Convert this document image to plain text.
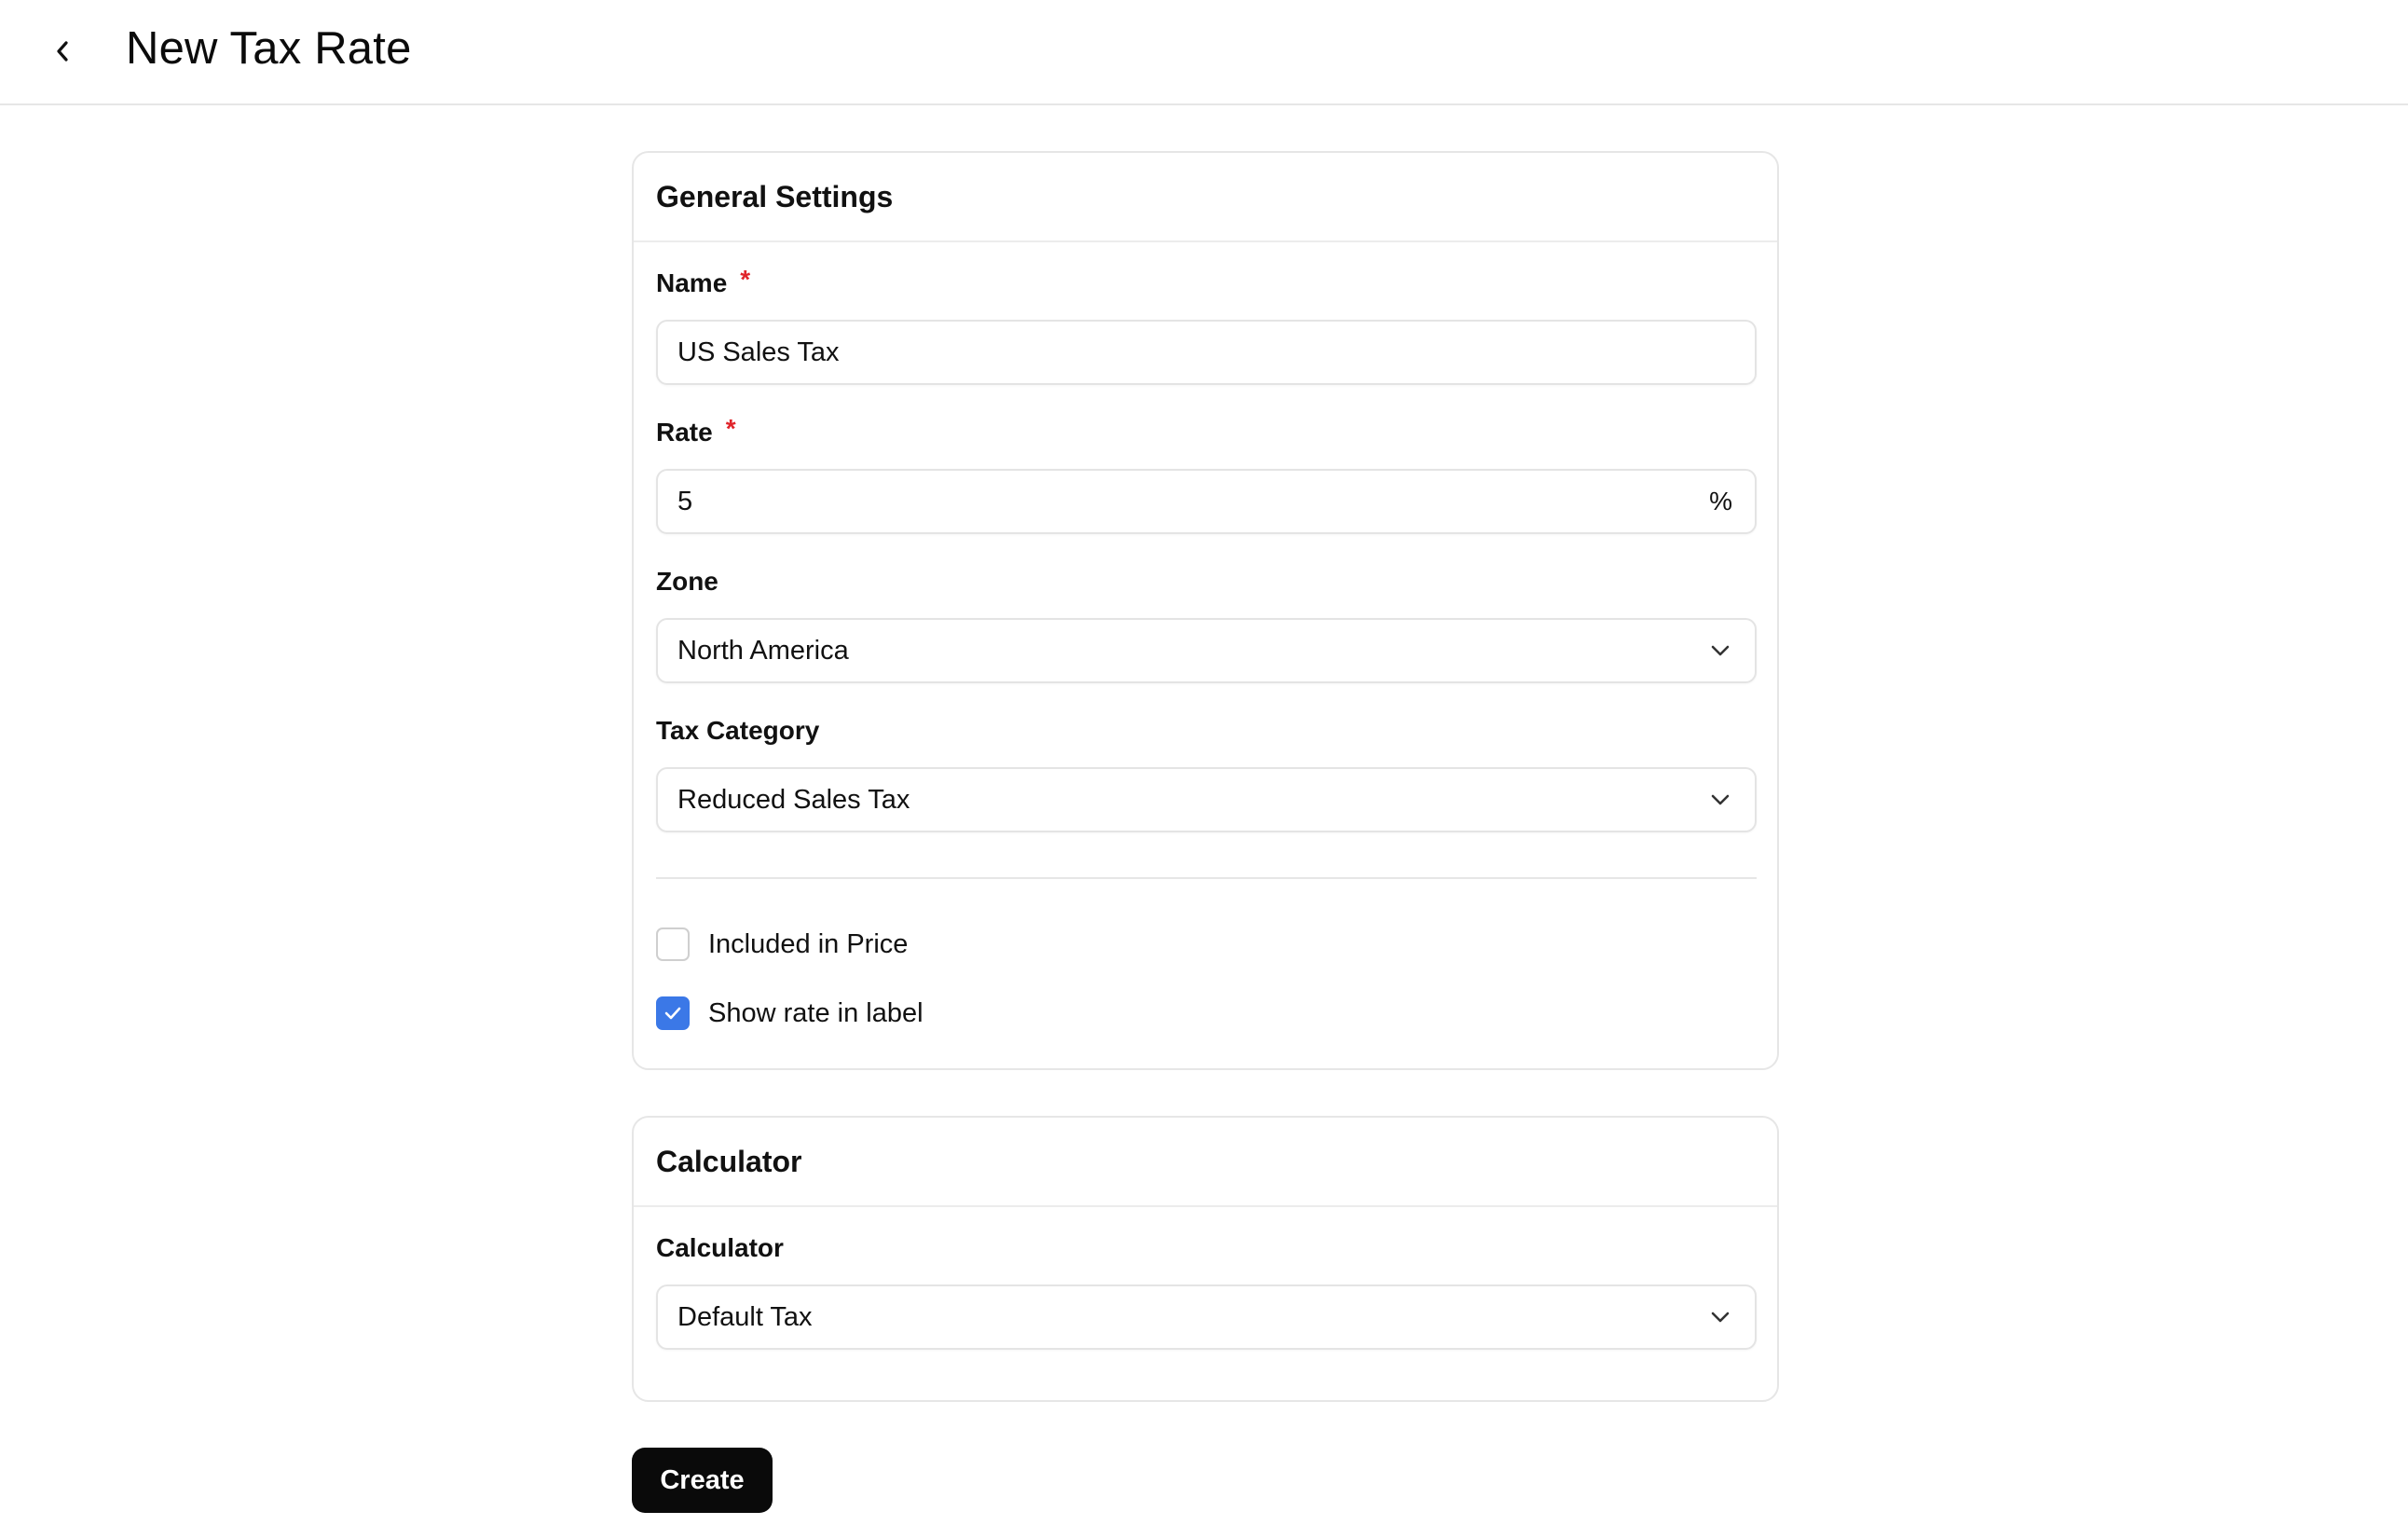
New Tax Rate
General Settings
Name *
US Sales Tax
Rate *
5	%
Zone
North America
Tax Category
Reduced Sales Tax
Included in Price
Show rate in label
Calculator
Calculator
Default Tax
Create
